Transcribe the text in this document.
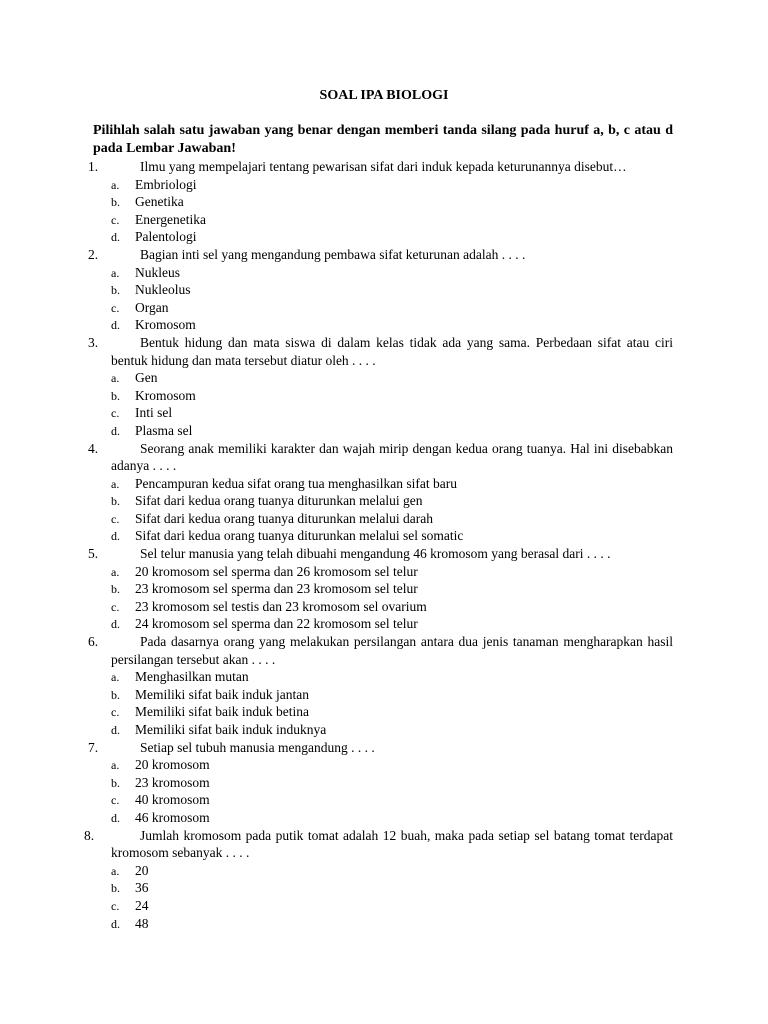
SOAL IPA BIOLOGI
Pilihlah salah satu jawaban yang benar dengan memberi tanda silang pada huruf a, b, c atau d pada Lembar Jawaban!
1.	Ilmu yang mempelajari tentang pewarisan sifat dari induk kepada keturunannya disebut…
a. Embriologi
b. Genetika
c. Energenetika
d. Palentologi
2.	Bagian inti sel yang mengandung pembawa sifat keturunan adalah . . . .
a. Nukleus
b. Nukleolus
c. Organ
d. Kromosom
3.	Bentuk hidung dan mata siswa di dalam kelas tidak ada yang sama. Perbedaan sifat atau ciri bentuk hidung dan mata tersebut diatur oleh . . . .
a. Gen
b. Kromosom
c. Inti sel
d. Plasma sel
4.	Seorang anak memiliki karakter dan wajah mirip dengan kedua orang tuanya. Hal ini disebabkan adanya . . . .
a. Pencampuran kedua sifat orang tua menghasilkan sifat baru
b. Sifat dari kedua orang tuanya diturunkan melalui gen
c. Sifat dari kedua orang tuanya diturunkan melalui darah
d. Sifat dari kedua orang tuanya diturunkan melalui sel somatic
5.	Sel telur manusia yang telah dibuahi mengandung 46 kromosom yang berasal dari . . . .
a. 20 kromosom sel sperma dan 26 kromosom sel telur
b. 23 kromosom sel sperma dan 23 kromosom sel telur
c. 23 kromosom sel testis dan 23 kromosom sel ovarium
d. 24 kromosom sel sperma dan 22 kromosom sel telur
6.	Pada dasarnya orang yang melakukan persilangan antara dua jenis tanaman mengharapkan hasil persilangan tersebut akan . . . .
a. Menghasilkan mutan
b. Memiliki sifat baik induk jantan
c. Memiliki sifat baik induk betina
d. Memiliki sifat baik induk induknya
7.	Setiap sel tubuh manusia mengandung . . . .
a. 20 kromosom
b. 23 kromosom
c. 40 kromosom
d. 46 kromosom
8.	Jumlah kromosom pada putik tomat adalah 12 buah, maka pada setiap sel batang tomat terdapat kromosom sebanyak . . . .
a. 20
b. 36
c. 24
d. 48
